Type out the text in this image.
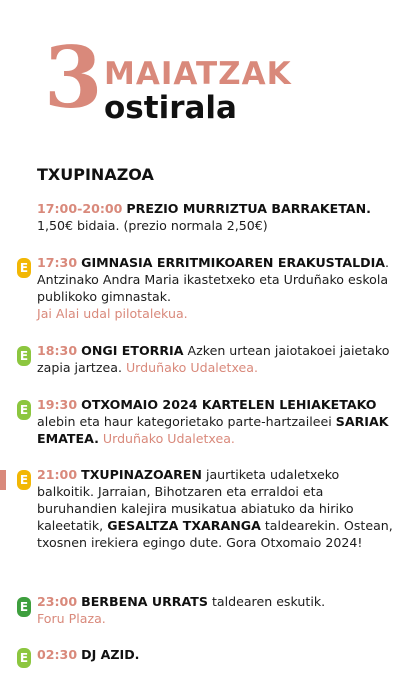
3 MAIATZAK
ostirala
TXUPINAZOA

17:00-20:00 PREZIO MURRIZTUA BARRAKETAN.
1,50€ bidaia. (prezio normala 2,50€)

E 17:30 GIMNASIA ERRITMIKOAREN ERAKUSTALDIA. Antzinako Andra Maria ikastetxeko eta Urduñako eskola publikoko gimnastak.
Jai Alai udal pilotalekua.

E 18:30 ONGI ETORRIA Azken urtean jaiotakoei jaietako zapia jartzea. Urduñako Udaletxea.

E 19:30 OTXOMAIO 2024 KARTELEN LEHIAKETAKO alebin eta haur kategorietako parte-hartzaileei SARIAK EMATEA. Urduñako Udaletxea.

E 21:00 TXUPINAZOAREN jaurtiketa udaletxeko balkoitik. Jarraian, Bihotzaren eta erraldoi eta buruhandien kalejira musikatua abiatuko da hiriko kaleetatik, GESALTZA TXARANGA taldearekin. Ostean, txosnen irekiera egingo dute. Gora Otxomaio 2024!

E 23:00 BERBENA URRATS taldearen eskutik.
Foru Plaza.

E 02:30 DJ AZID.
